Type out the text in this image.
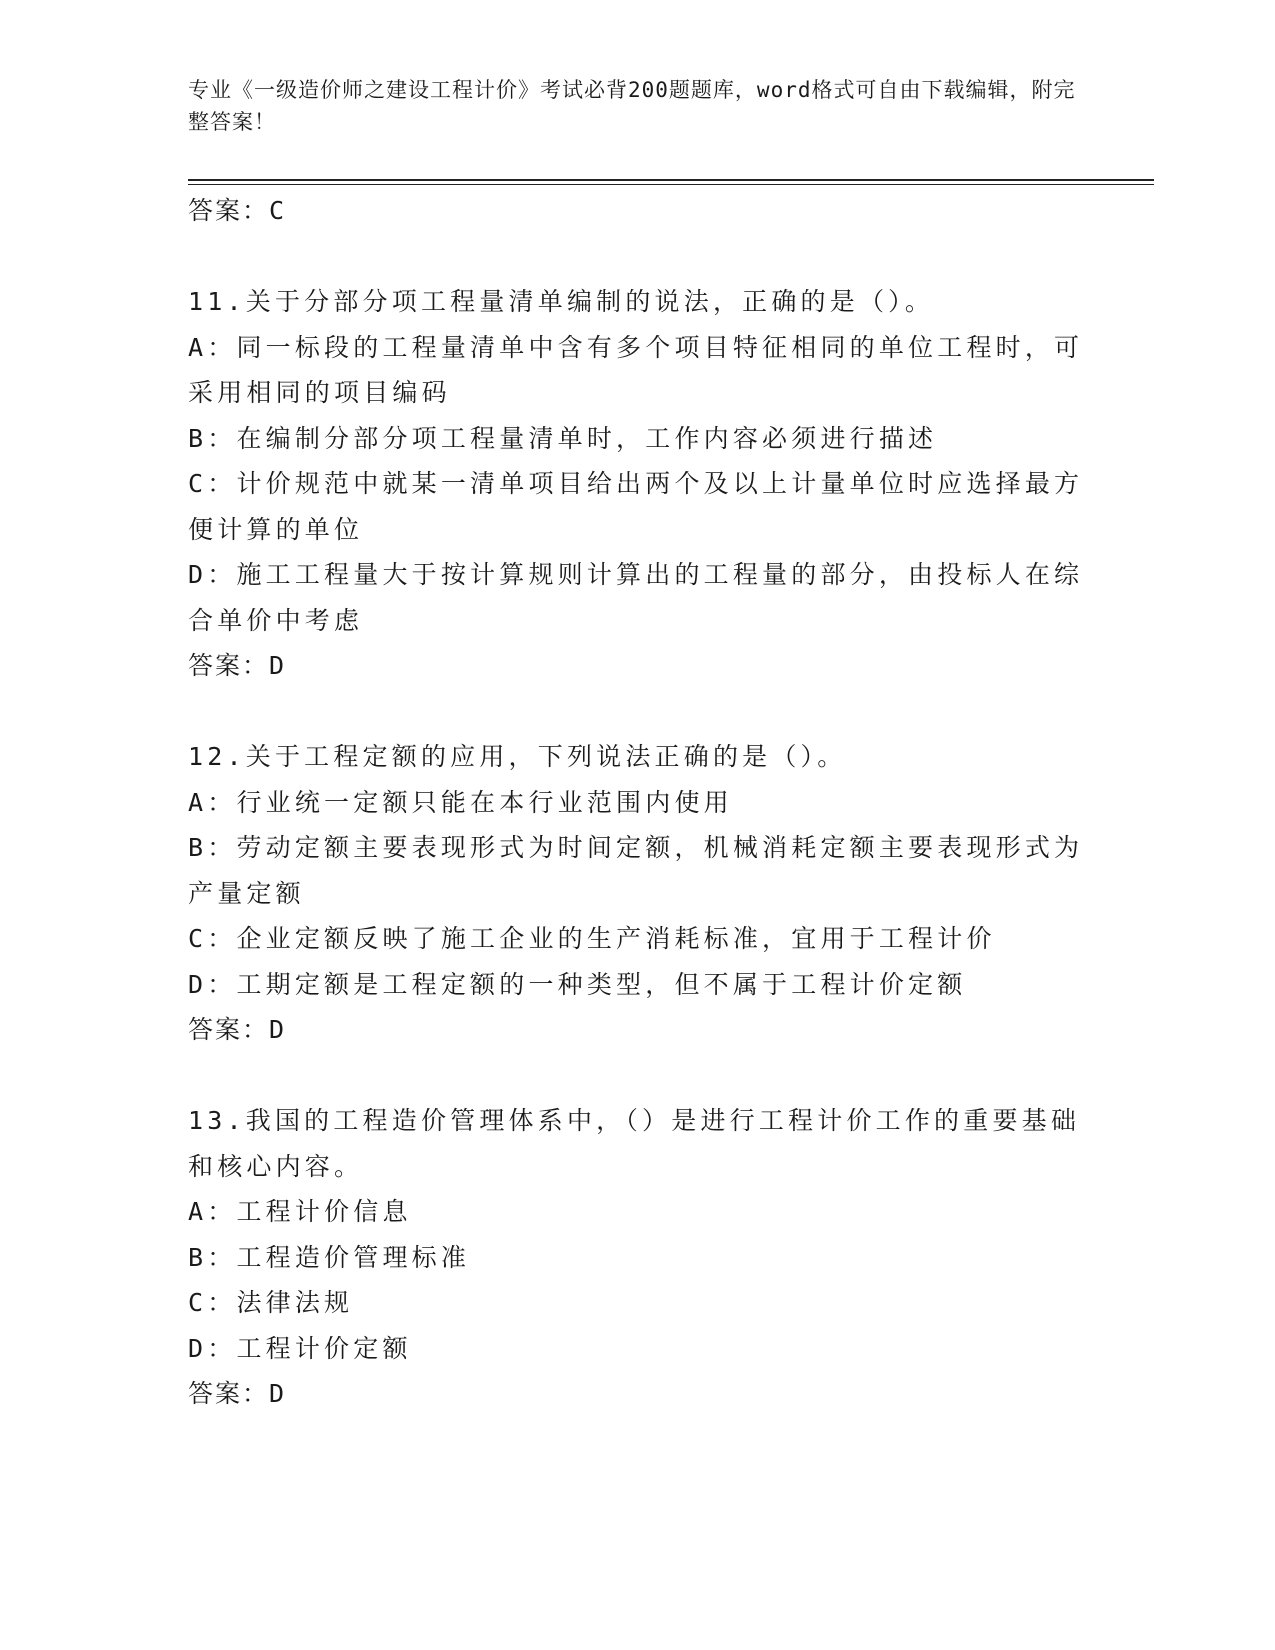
专业《一级造价师之建设工程计价》考试必背200题题库，word格式可自由下载编辑，附完整答案！
答案：C
11.关于分部分项工程量清单编制的说法，正确的是（）。
A：同一标段的工程量清单中含有多个项目特征相同的单位工程时，可采用相同的项目编码
B：在编制分部分项工程量清单时，工作内容必须进行描述
C：计价规范中就某一清单项目给出两个及以上计量单位时应选择最方便计算的单位
D：施工工程量大于按计算规则计算出的工程量的部分，由投标人在综合单价中考虑
答案：D
12.关于工程定额的应用，下列说法正确的是（）。
A：行业统一定额只能在本行业范围内使用
B：劳动定额主要表现形式为时间定额，机械消耗定额主要表现形式为产量定额
C：企业定额反映了施工企业的生产消耗标准，宜用于工程计价
D：工期定额是工程定额的一种类型，但不属于工程计价定额
答案：D
13.我国的工程造价管理体系中，（）是进行工程计价工作的重要基础和核心内容。
A：工程计价信息
B：工程造价管理标准
C：法律法规
D：工程计价定额
答案：D
